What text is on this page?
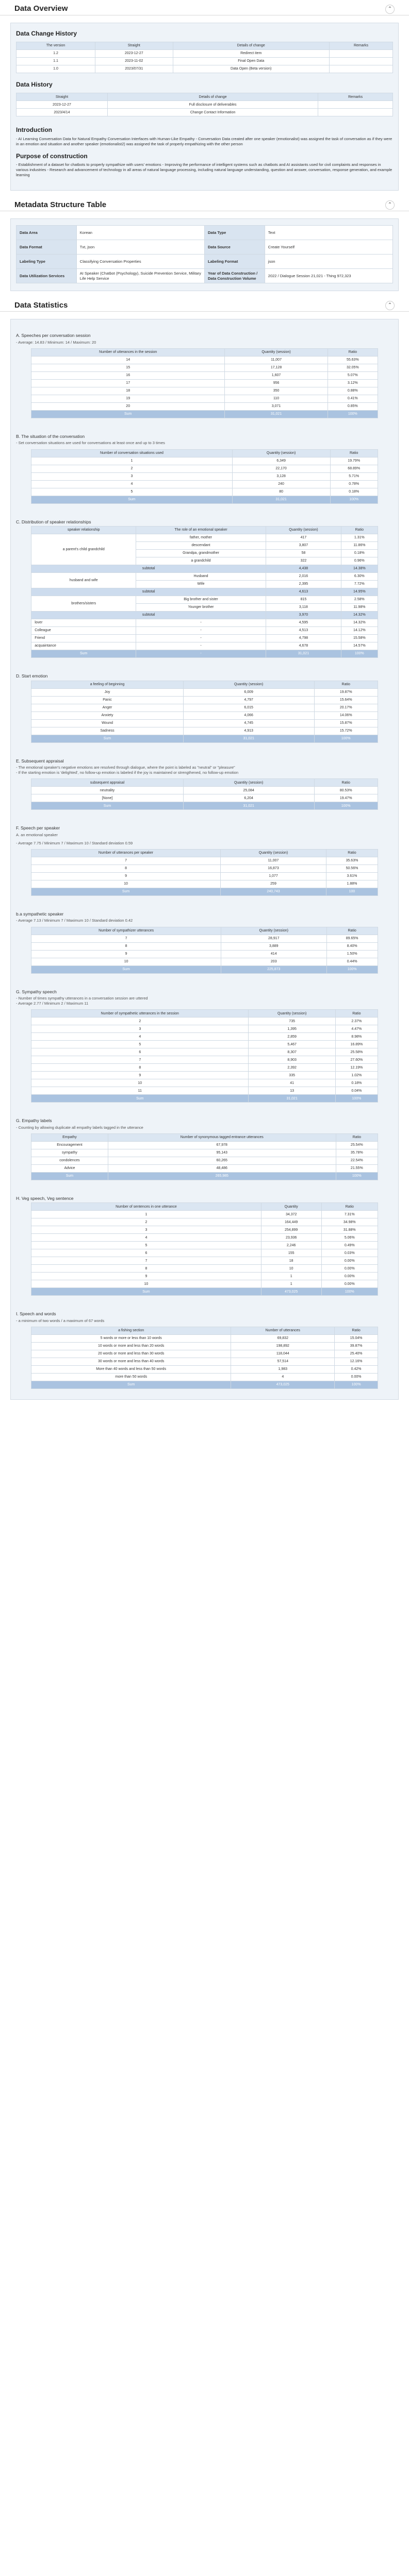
Data Overview	⌃
Data Change History
The version	Straight	Details of change	Remarks
1.2	2023-12-27	Redirect item	
1.1	2023-11-02	Final Open Data	
1.0	2023/07/31	Data Open (Beta version)	
Data History
Straight	Details of change	Remarks
2023-12-27	Full disclosure of deliverables	
2023/4/14	Change Contact Information	
Introduction

- AI Learning Conversation Data for Natural Empathy Conversation Interfaces with Human-Like Empathy - Conversation Data created after one speaker (emotionalist) was assigned the task of conversation as if they were in an emotion and situation and another speaker (emotionalist2) was assigned the task of properly empathizing with the other person

Purpose of construction

- Establishment of a dataset for chatbots to properly sympathize with users' emotions - Improving the performance of intelligent systems such as chatbots and AI assistants used for civil complaints and responses in various industries - Research and advancement of technology in all areas of natural language processing, including natural language understanding, question and answer, conversation, response generation, and example learning

Metadata Structure Table	⌃
Data Area	Korean	Data Type	Text
Data Format	Txt, json	Data Source	Create Yourself
Labeling Type	Classifying Conversation Properties	Labeling Format	json
Data Utilization Services	AI Speaker (Chatbot (Psychology), Suicide Prevention Service, Military Life Help Service	Year of Data Construction / Data Construction Volume	2022 / Dialogue Session 21,021 - Thing 972,323
Data Statistics	⌃
A. Speeches per conversation session
- Average: 14.83 / Minimum: 14 / Maximum: 20
Number of utterances in the session	Quantity (session)	Ratio
14	11,007	55.63%
15	17,128	32.05%
16	1,607	5.07%
17	956	3.12%
18	350	0.88%
19	110	0.41%
20	3,071	0.85%
Sum	31,021	100%
B. The situation of the conversation
- Set conversation situations are used for conversations at least once and up to 3 times
Number of conversation situations used	Quantity (session)	Ratio
1	6,349	19.79%
2	22,170	68.89%
3	3,128	5.71%
4	240	0.78%
5	80	0.18%
Sum	31,021	100%
C. Distribution of speaker relationships
speaker relationship	The role of an emotional speaker	Quantity (session)	Ratio
a parent's child grandchild	father, mother	417	1.31%
	descendant	3,807	11.86%
	Grandpa, grandmother	58	0.18%
	a grandchild	322	0.96%
subtotal		4,438	14.38%
husband and wife	Husband	2,016	6.30%
	Wife	2,395	7.72%
subtotal		4,613	14.95%
brothers/sisters	Big brother and sister	815	2.58%
	Younger brother	3,118	11.98%
subtotal		3,970	14.32%
lover	-	4,595	14.32%
Colleague	-	4,513	14.12%
Friend	-	4,798	15.58%
acquaintance	-	4,678	14.57%
Sum	-	31,021	100%
D. Start emotion
a feeling of beginning	Quantity (session)	Ratio
Joy	6,009	19.87%
Panic	4,797	15.64%
Anger	6,015	20.17%
Anxiety	4,066	14.06%
Wound	4,745	15.87%
Sadness	4,913	15.72%
Sum	31,021	100%
E. Subsequent appraisal
- The emotional speaker's negative emotions are resolved through dialogue, where the point is labeled as "neutral" or "pleasure"
- If the starting emotion is 'delighted', no follow-up emotion is labeled if the joy is maintained or strengthened, no follow-up emotion
subsequent appraisal	Quantity (session)	Ratio
neutrality	25,084	80.53%
[None]	6,204	19.47%
Sum	31,021	100%
F. Speech per speaker
A. an emotional speaker
- Average 7.75 / Minimum 7 / Maximum 10 / Standard deviation 0.59
Number of utterances per speaker	Quantity (session)	Ratio
7	11,007	35.63%
8	16,873	50.56%
9	1,077	3.61%
10	259	1.88%
Sum	240,743	100
b.a sympathetic speaker
- Average 7.13 / Minimum 7 / Maximum 10 / Standard deviation 0.42
Number of sympathizer utterances	Quantity (session)	Ratio
7	28,917	89.65%
8	3,889	8.40%
9	414	1.50%
10	203	0.44%
Sum	225,873	100%
G. Sympathy speech
- Number of times sympathy utterances in a conversation session are uttered
- Average 2.77 / Minimum 2 / Maximum 11
Number of sympathetic utterances in the session	Quantity (session)	Ratio
2	735	2.37%
3	1,395	4.47%
4	2,859	8.98%
5	5,467	16.89%
6	8,307	25.58%
7	8,903	27.60%
8	2,392	12.19%
9	335	1.02%
10	41	0.18%
11	13	0.04%
Sum	31,021	100%
G. Empathy labels
- Counting by allowing duplicate all empathy labels tagged in the utterance
Empathy	Number of synonymous tagged entrance utterances	Ratio
Encouragement	67,978	25.54%
sympathy	95,143	35.78%
condolences	60,265	22.54%
Advice	48,486	21.55%
Sum	265,985	100%
H. Veg speech, Veg sentence
Number of sentences in one utterance	Quantity	Ratio
1	34,372	7.31%
2	164,449	34.98%
3	254,899	31.88%
4	23,936	5.06%
5	2,246	0.49%
6	155	0.03%
7	18	0.00%
8	10	0.00%
9	1	0.00%
10	1	0.00%
Sum	473,025	100%
I. Speech and words
- a minimum of two words / a maximum of 67 words
a fishing section	Number of utterances	Ratio
5 words or more or less than 10 words	69,832	15.04%
10 words or more and less than 20 words	198,892	39.87%
20 words or more and less than 30 words	118,044	25.40%
30 words or more and less than 40 words	57,514	12.16%
More than 40 words and less than 50 words	1,983	0.42%
more than 50 words	4	0.00%
Sum	473,025	100%
